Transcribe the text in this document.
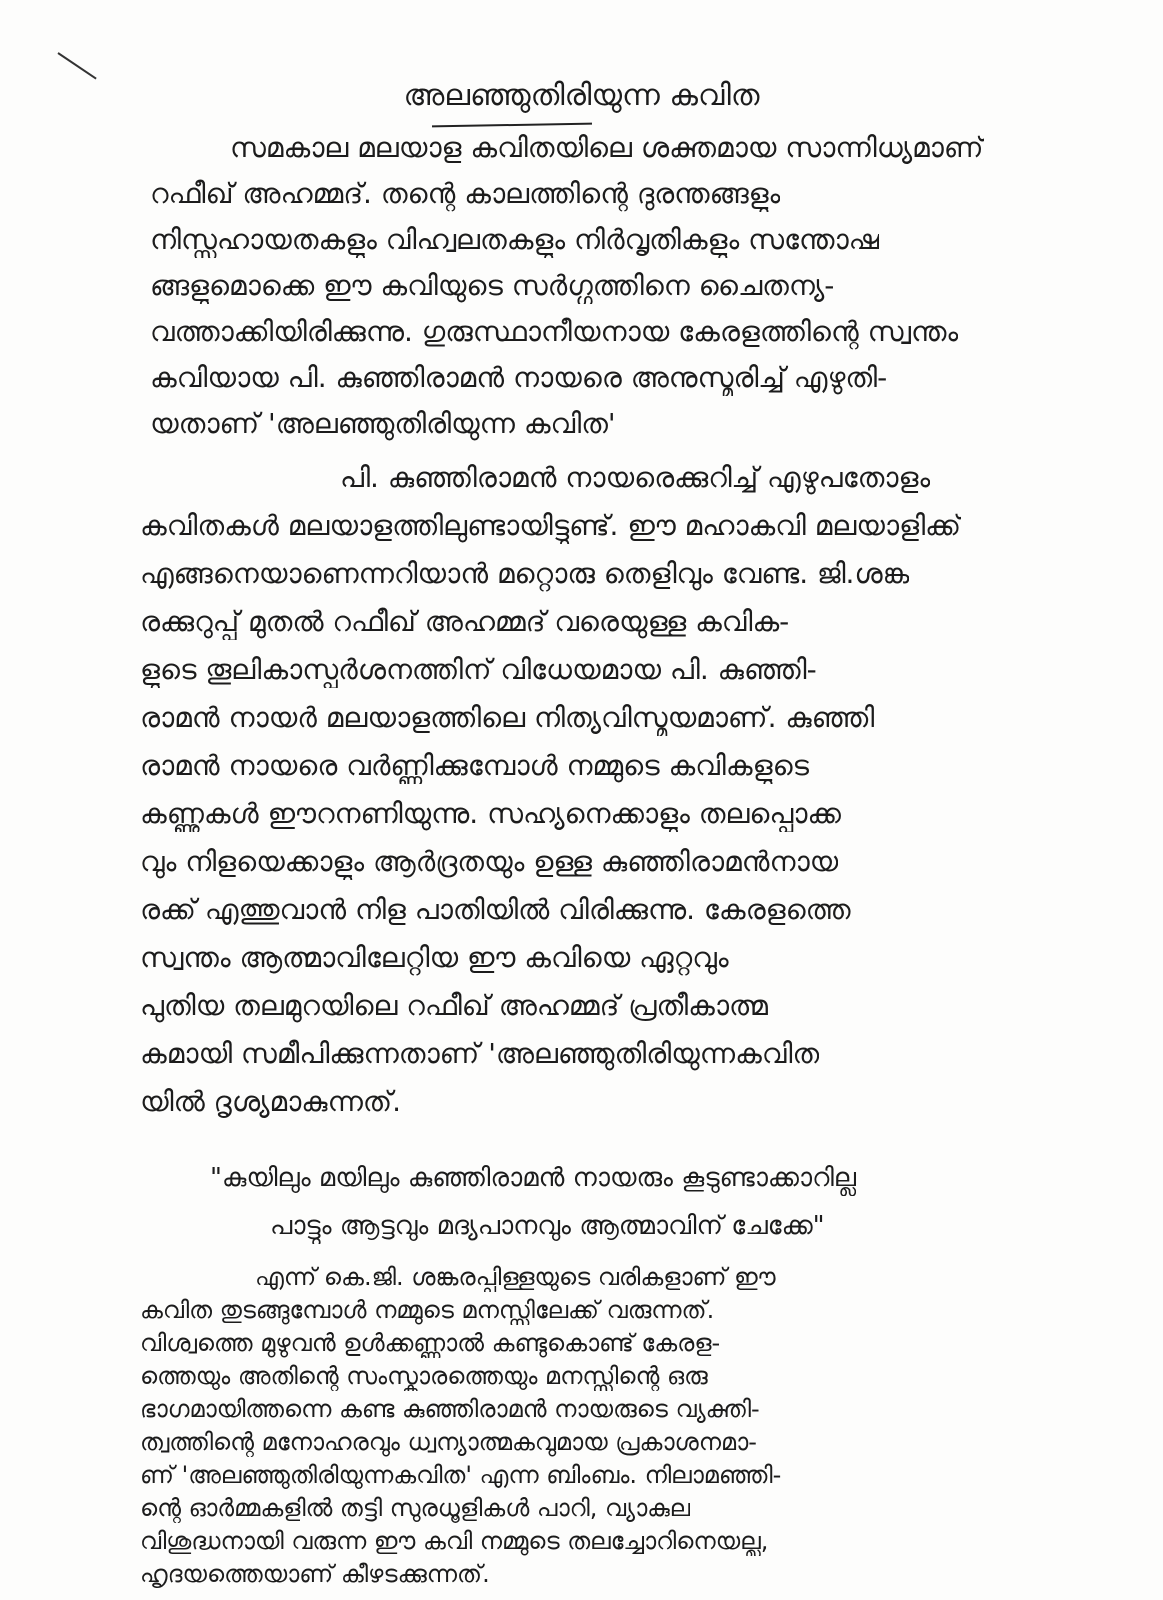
അലഞ്ഞുതിരിയുന്ന കവിത
സമകാല മലയാള കവിതയിലെ ശക്തമായ സാന്നിധ്യമാണ്
റഫീഖ് അഹമ്മദ്. തന്റെ കാലത്തിന്റെ ദുരന്തങ്ങളും
നിസ്സഹായതകളും വിഹ്വലതകളും നിർവൃതികളും സന്തോഷ
ങ്ങളുമൊക്കെ ഈ കവിയുടെ സർഗ്ഗത്തിനെ ചൈതന്യ-
വത്താക്കിയിരിക്കുന്നു. ഗുരുസ്ഥാനീയനായ കേരളത്തിന്റെ സ്വന്തം
കവിയായ പി. കുഞ്ഞിരാമൻ നായരെ അനുസ്മരിച്ച് എഴുതി-
യതാണ് 'അലഞ്ഞുതിരിയുന്ന കവിത'
പി. കുഞ്ഞിരാമൻ നായരെക്കുറിച്ച് എഴുപതോളം
കവിതകൾ മലയാളത്തിലുണ്ടായിട്ടുണ്ട്. ഈ മഹാകവി മലയാളിക്ക്
എങ്ങനെയാണെന്നറിയാൻ മറ്റൊരു തെളിവും വേണ്ട. ജി.ശങ്ക
രക്കുറുപ്പ് മുതൽ റഫീഖ് അഹമ്മദ് വരെയുള്ള കവിക-
ളുടെ തൂലികാസ്പർശനത്തിന് വിധേയമായ പി. കുഞ്ഞി-
രാമൻ നായർ മലയാളത്തിലെ നിത്യവിസ്മയമാണ്. കുഞ്ഞി
രാമൻ നായരെ വർണ്ണിക്കുമ്പോൾ നമ്മുടെ കവികളുടെ
കണ്ണുകൾ ഈറനണിയുന്നു. സഹ്യനെക്കാളും തലപ്പൊക്ക
വും നിളയെക്കാളും ആർദ്രതയും ഉള്ള കുഞ്ഞിരാമൻനായ
രക്ക് എത്തുവാൻ നിള പാതിയിൽ വിരിക്കുന്നു. കേരളത്തെ
സ്വന്തം ആത്മാവിലേറ്റിയ ഈ കവിയെ ഏറ്റവും
പുതിയ തലമുറയിലെ റഫീഖ് അഹമ്മദ് പ്രതീകാത്മ
കമായി സമീപിക്കുന്നതാണ് 'അലഞ്ഞുതിരിയുന്നകവിത
യിൽ ദൃശ്യമാകുന്നത്.
"കുയിലും മയിലും കുഞ്ഞിരാമൻ നായരും കൂടുണ്ടാക്കാറില്ല
പാട്ടും ആട്ടവും മദ്യപാനവും ആത്മാവിന് ചേക്കേ"
എന്ന് കെ.ജി. ശങ്കരപ്പിള്ളയുടെ വരികളാണ് ഈ
കവിത തുടങ്ങുമ്പോൾ നമ്മുടെ മനസ്സിലേക്ക് വരുന്നത്.
വിശ്വത്തെ മുഴുവൻ ഉൾക്കണ്ണാൽ കണ്ടുകൊണ്ട് കേരള-
ത്തെയും അതിന്റെ സംസ്കാരത്തെയും മനസ്സിന്റെ ഒരു
ഭാഗമായിത്തന്നെ കണ്ട കുഞ്ഞിരാമൻ നായരുടെ വ്യക്തി-
ത്വത്തിന്റെ മനോഹരവും ധ്വന്യാത്മകവുമായ പ്രകാശനമാ-
ണ് 'അലഞ്ഞുതിരിയുന്നകവിത' എന്ന ബിംബം. നിലാമഞ്ഞി-
ന്റെ ഓർമ്മകളിൽ തട്ടി സുരധൂളികൾ പാറി, വ്യാകുല
വിശുദ്ധനായി വരുന്ന ഈ കവി നമ്മുടെ തലച്ചോറിനെയല്ല,
ഹൃദയത്തെയാണ് കീഴടക്കുന്നത്.
